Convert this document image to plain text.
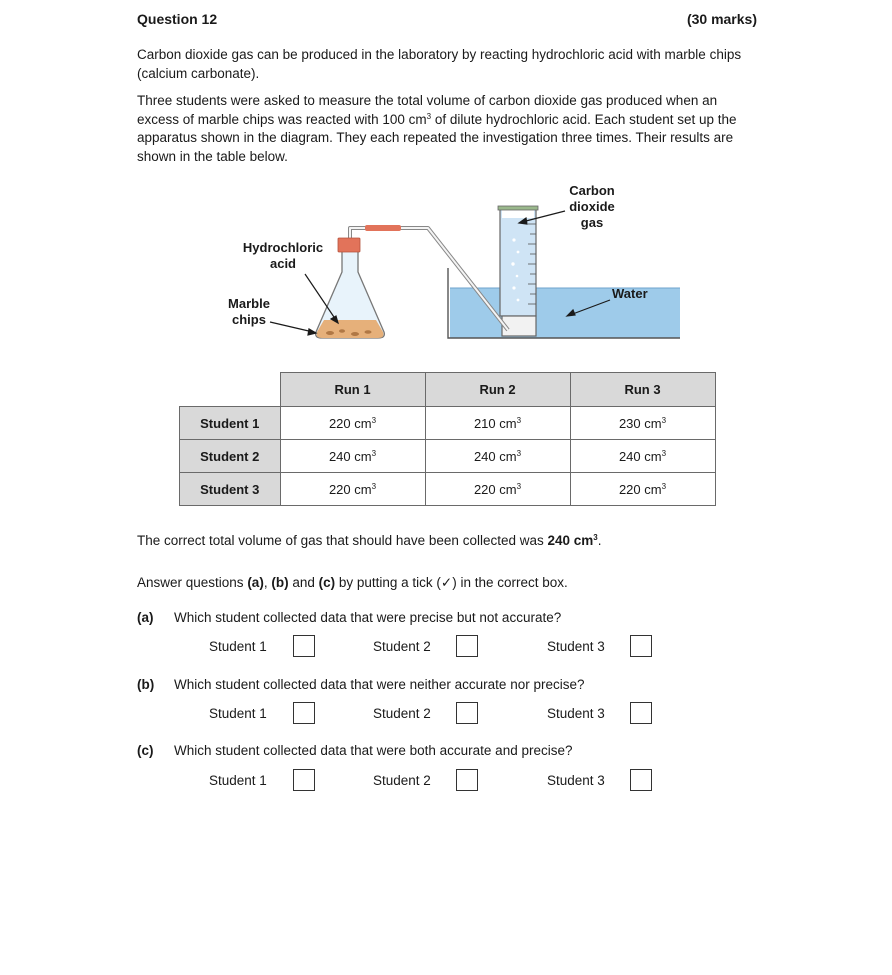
Question 12	(30 marks)

Carbon dioxide gas can be produced in the laboratory by reacting hydrochloric acid with marble chips (calcium carbonate).

Three students were asked to measure the total volume of carbon dioxide gas produced when an excess of marble chips was reacted with 100 $cm^3$ of dilute hydrochloric acid. Each student set up the apparatus shown in the diagram. They each repeated the investigation three times. Their results are shown in the table below.

Hydrochloric
acid
Marble
chips
Carbon
dioxide
gas
Water
	Run 1	Run 2	Run 3
Student 1	220 $cm^3$	210 $cm^3$	230 $cm^3$
Student 2	240 $cm^3$	240 $cm^3$	240 $cm^3$
Student 3	220 $cm^3$	220 $cm^3$	220 $cm^3$

The correct total volume of gas that should have been collected was 240 $cm^3$.

Answer questions (a), (b) and (c) by putting a tick (✓) in the correct box.

(a) Which student collected data that were precise but not accurate?
Student 1	Student 2	Student 3
(b) Which student collected data that were neither accurate nor precise?
Student 1	Student 2	Student 3
(c) Which student collected data that were both accurate and precise?
Student 1	Student 2	Student 3
